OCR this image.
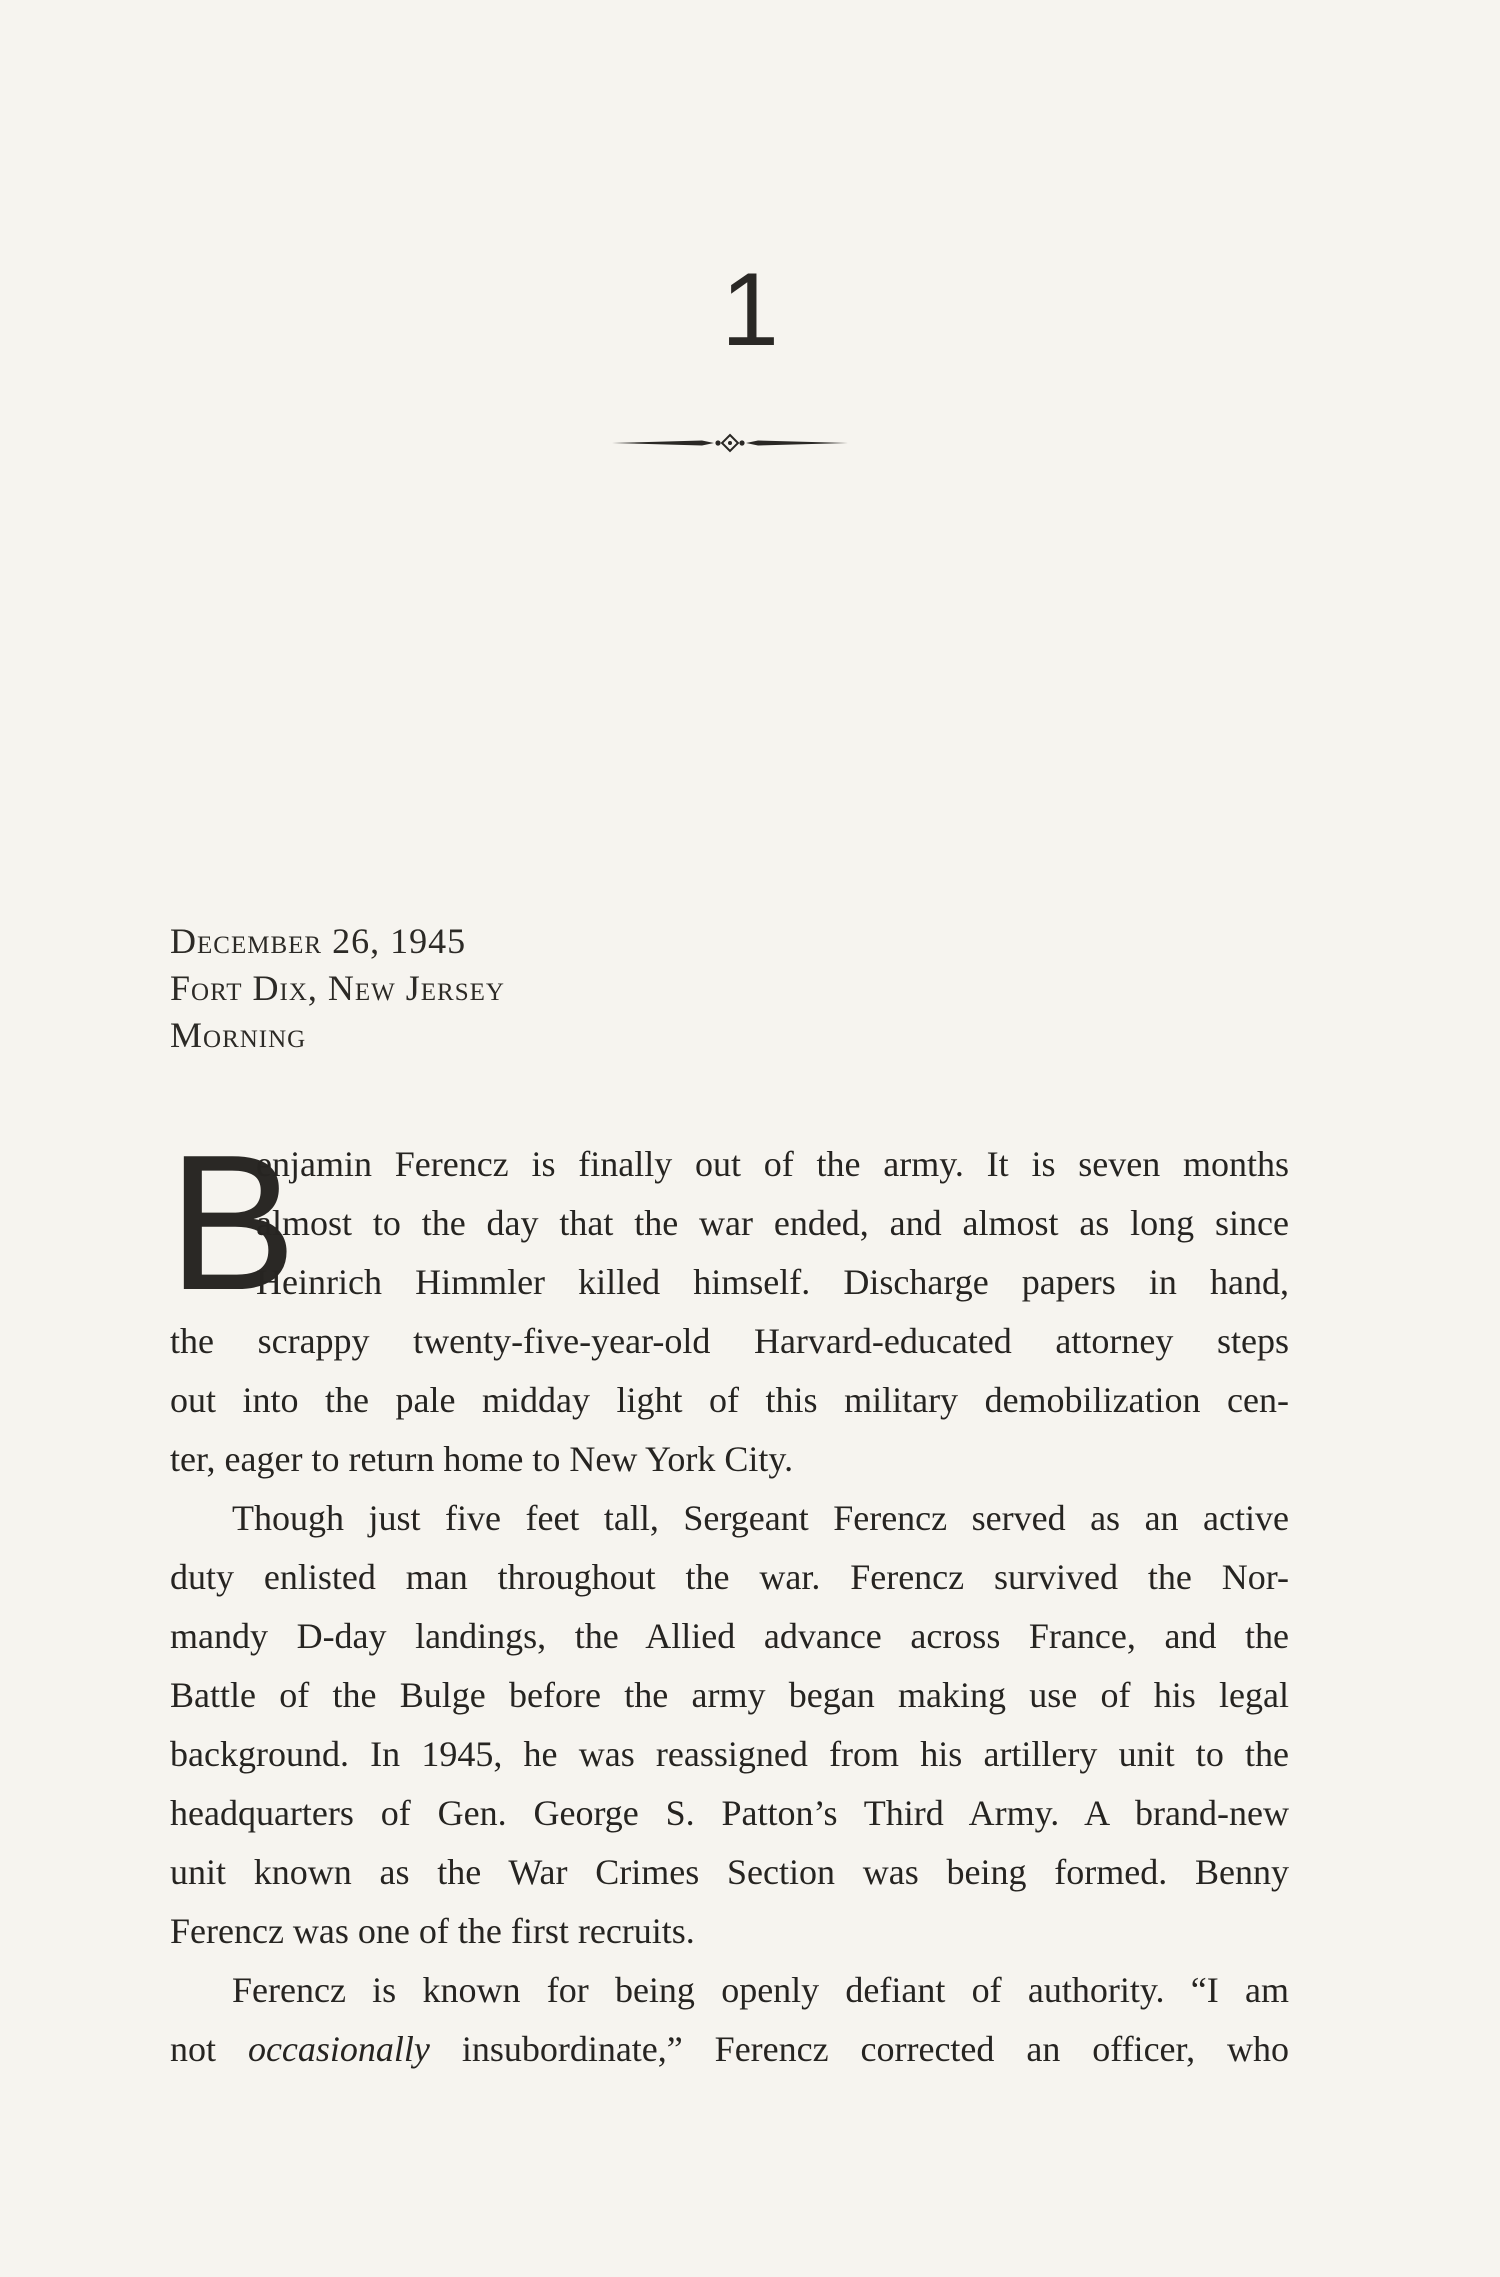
1
December 26, 1945
Fort Dix, New Jersey
Morning
B
enjamin Ferencz is finally out of the army. It is seven months
almost to the day that the war ended, and almost as long since
Heinrich Himmler killed himself. Discharge papers in hand,
the scrappy twenty-five-year-old Harvard-educated attorney steps
out into the pale midday light of this military demobilization cen-
ter, eager to return home to New York City.
Though just five feet tall, Sergeant Ferencz served as an active
duty enlisted man throughout the war. Ferencz survived the Nor-
mandy D-day landings, the Allied advance across France, and the
Battle of the Bulge before the army began making use of his legal
background. In 1945, he was reassigned from his artillery unit to the
headquarters of Gen. George S. Patton’s Third Army. A brand-new
unit known as the War Crimes Section was being formed. Benny
Ferencz was one of the first recruits.
Ferencz is known for being openly defiant of authority. “I am
not occasionally insubordinate,” Ferencz corrected an officer, who
